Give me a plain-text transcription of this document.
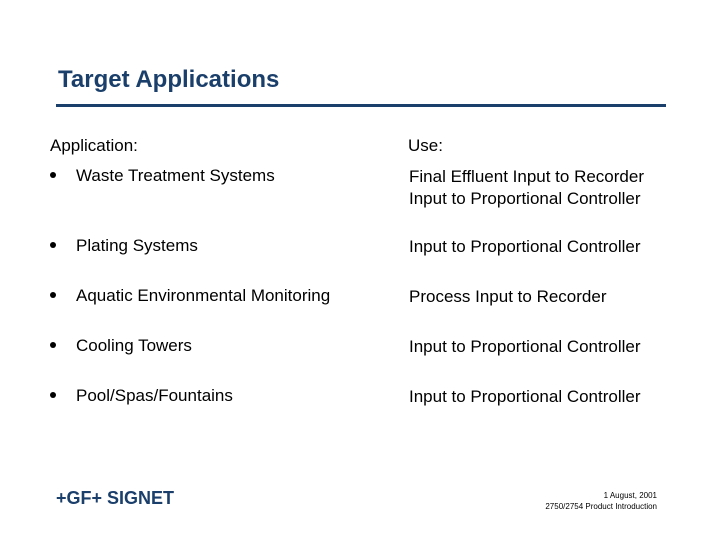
Target Applications
Application:	Use:
Waste Treatment Systems	Final Effluent Input to Recorder
Input to Proportional Controller
Plating Systems	Input to Proportional Controller
Aquatic Environmental Monitoring	Process Input to Recorder
Cooling Towers	Input to Proportional Controller
Pool/Spas/Fountains	Input to Proportional Controller
+GF+ SIGNET	1 August, 2001
2750/2754 Product Introduction
